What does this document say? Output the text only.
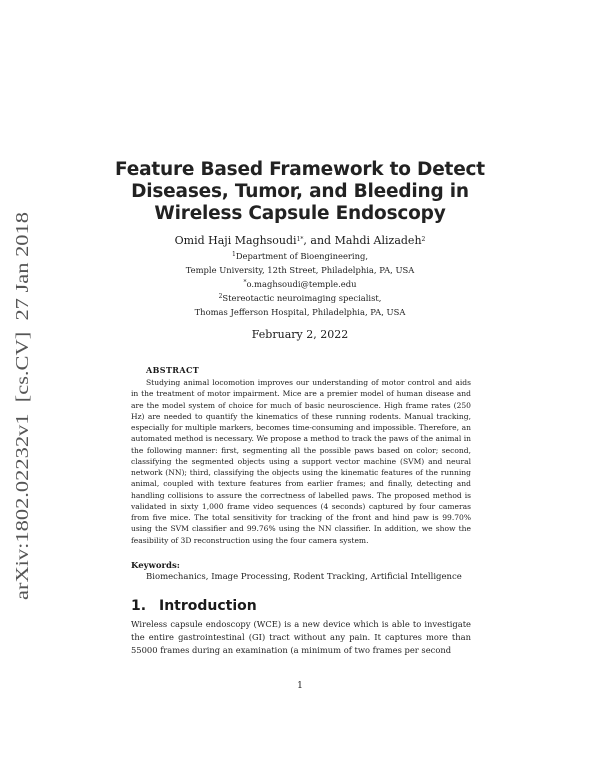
arXiv:1802.02232v1  [cs.CV]  27 Jan 2018
Feature Based Framework to Detect
Diseases, Tumor, and Bleeding in
Wireless Capsule Endoscopy
Omid Haji Maghsoudi$^{1*}$, and Mahdi Alizadeh$^2$
$^1$Department of Bioengineering,
Temple University, 12th Street, Philadelphia, PA, USA
*o.maghsoudi@temple.edu
$^2$Stereotactic neuroimaging specialist,
Thomas Jefferson Hospital, Philadelphia, PA, USA
February 2, 2022
ABSTRACT
Studying animal locomotion improves our understanding of motor control and aids in the treatment of motor impairment. Mice are a premier model of human disease and are the model system of choice for much of basic neuroscience. High frame rates (250 Hz) are needed to quantify the kinematics of these running rodents. Manual tracking, especially for multiple markers, becomes time-consuming and impossible. Therefore, an automated method is necessary. We propose a method to track the paws of the animal in the following manner: first, segmenting all the possible paws based on color; second, classifying the segmented objects using a support vector machine (SVM) and neural network (NN); third, classifying the objects using the kinematic features of the running animal, coupled with texture features from earlier frames; and finally, detecting and handling collisions to assure the correctness of labelled paws. The proposed method is validated in sixty 1,000 frame video sequences (4 seconds) captured by four cameras from five mice. The total sensitivity for tracking of the front and hind paw is 99.70% using the SVM classifier and 99.76% using the NN classifier. In addition, we show the feasibility of 3D reconstruction using the four camera system.
Keywords:
Biomechanics, Image Processing, Rodent Tracking, Artificial Intelligence
1. Introduction
Wireless capsule endoscopy (WCE) is a new device which is able to investigate the entire gastrointestinal (GI) tract without any pain. It captures more than 55000 frames during an examination (a minimum of two frames per second
1
